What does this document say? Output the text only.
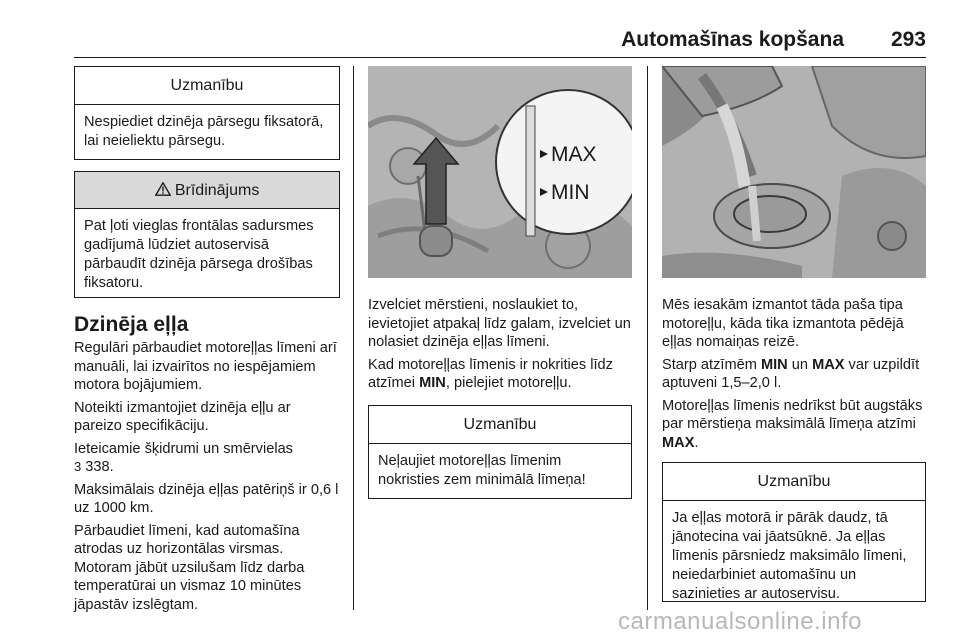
Automašīnas kopšana 293
Uzmanību
Nespiediet dzinēja pārsegu fiksatorā, lai neieliektu pārsegu.
Brīdinājums
Pat ļoti vieglas frontālas sadursmes gadījumā lūdziet autoservisā pārbaudīt dzinēja pārsega drošības fiksatoru.
Dzinēja eļļa
Regulāri pārbaudiet motoreļļas līmeni arī manuāli, lai izvairītos no iespējamiem motora bojājumiem.
Noteikti izmantojiet dzinēja eļļu ar pareizo specifikāciju.
Ieteicamie šķidrumi un smērvielas
3 338.
Maksimālais dzinēja eļļas patēriņš ir 0,6 l uz 1000 km.
Pārbaudiet līmeni, kad automašīna atrodas uz horizontālas virsmas. Motoram jābūt uzsilušam līdz darba temperatūrai un vismaz 10 minūtes jāpastāv izslēgtam.
MAX
MIN
Izvelciet mērstieni, noslaukiet to, ievietojiet atpakaļ līdz galam, izvelciet un nolasiet dzinēja eļļas līmeni.
Kad motoreļļas līmenis ir nokrities līdz atzīmei MIN, pielejiet motoreļļu.
Uzmanību
Neļaujiet motoreļļas līmenim nokristies zem minimālā līmeņa!
Mēs iesakām izmantot tāda paša tipa motoreļļu, kāda tika izmantota pēdējā eļļas nomaiņas reizē.
Starp atzīmēm MIN un MAX var uzpildīt aptuveni 1,5–2,0 l.
Motoreļļas līmenis nedrīkst būt augstāks par mērstieņa maksimālā līmeņa atzīmi MAX.
Uzmanību
Ja eļļas motorā ir pārāk daudz, tā jānotecina vai jāatsūknē. Ja eļļas līmenis pārsniedz maksimālo līmeni, neiedarbiniet automašīnu un sazinieties ar autoservisu.
carmanualsonline.info
